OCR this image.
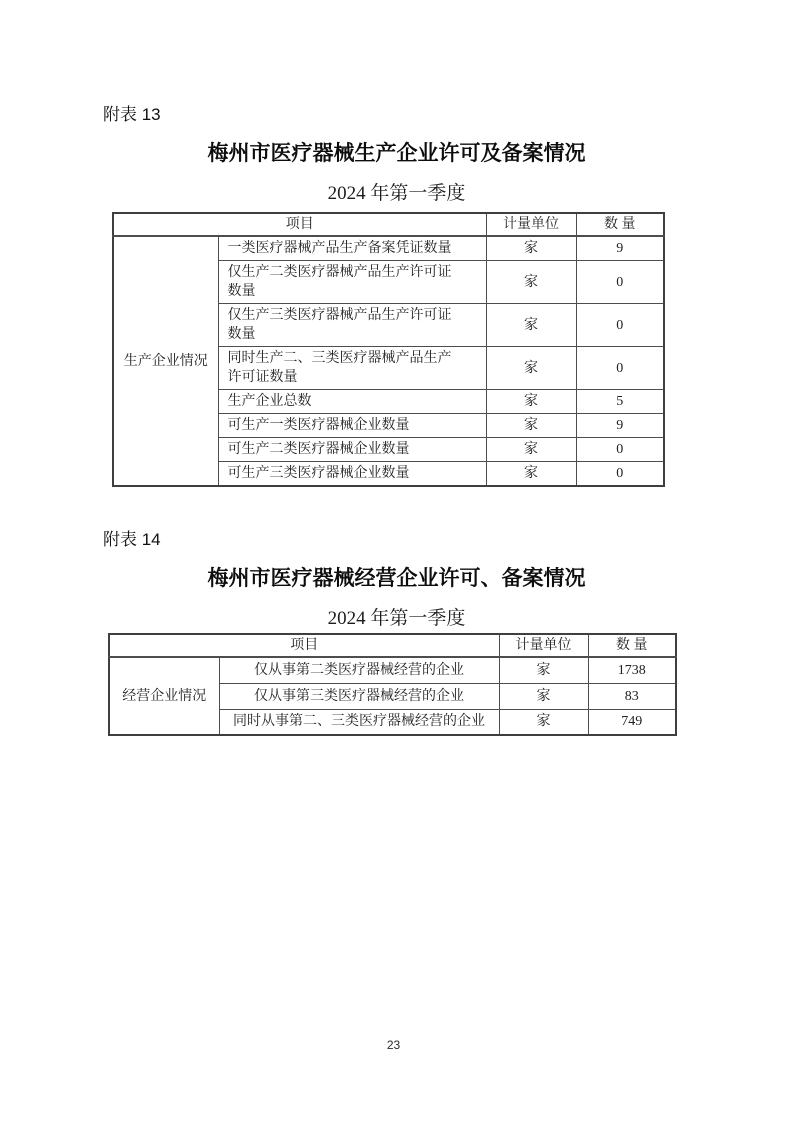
附表 13
梅州市医疗器械生产企业许可及备案情况
2024 年第一季度
项目		计量单位	数 量
生产企业情况	一类医疗器械产品生产备案凭证数量	家	9
	仅生产二类医疗器械产品生产许可证数量	家	0
	仅生产三类医疗器械产品生产许可证数量	家	0
	同时生产二、三类医疗器械产品生产许可证数量	家	0
	生产企业总数	家	5
	可生产一类医疗器械企业数量	家	9
	可生产二类医疗器械企业数量	家	0
	可生产三类医疗器械企业数量	家	0
附表 14
梅州市医疗器械经营企业许可、备案情况
2024 年第一季度
项目		计量单位	数 量
经营企业情况	仅从事第二类医疗器械经营的企业	家	1738
	仅从事第三类医疗器械经营的企业	家	83
	同时从事第二、三类医疗器械经营的企业	家	749
23
